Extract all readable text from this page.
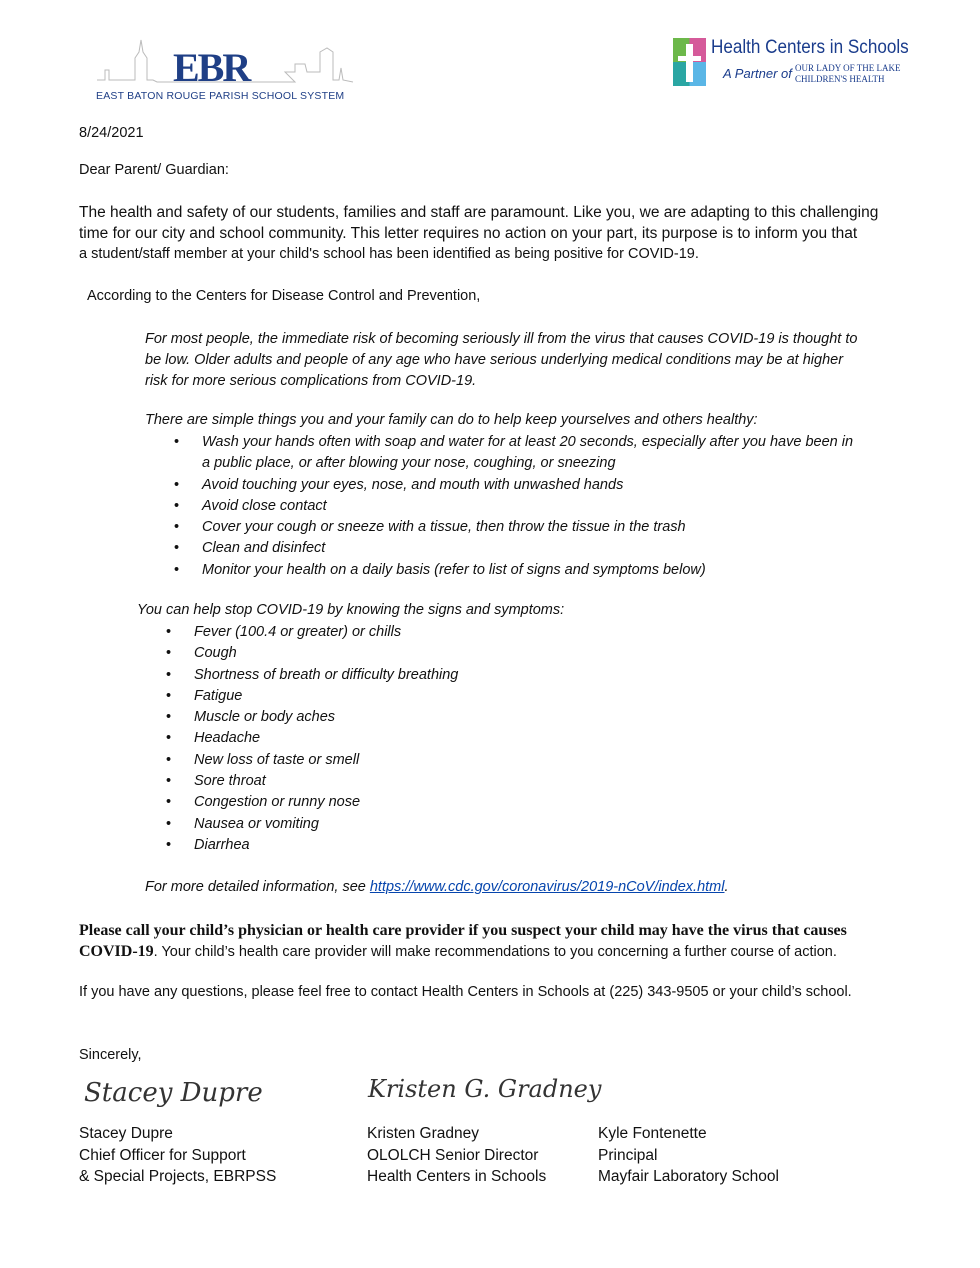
EBR
EAST BATON ROUGE PARISH SCHOOL SYSTEM
Health Centers in Schools
A Partner of OUR LADY OF THE LAKE
CHILDREN'S HEALTH
8/24/2021
Dear Parent/ Guardian:
The health and safety of our students, families and staff are paramount. Like you, we are adapting to this challenging
time for our city and school community. This letter requires no action on your part, its purpose is to inform you that
a student/staff member at your child's school has been identified as being positive for COVID-19.
According to the Centers for Disease Control and Prevention,
For most people, the immediate risk of becoming seriously ill from the virus that causes COVID-19 is thought to
be low. Older adults and people of any age who have serious underlying medical conditions may be at higher
risk for more serious complications from COVID-19.
There are simple things you and your family can do to help keep yourselves and others healthy:
• Wash your hands often with soap and water for at least 20 seconds, especially after you have been in
a public place, or after blowing your nose, coughing, or sneezing
• Avoid touching your eyes, nose, and mouth with unwashed hands
• Avoid close contact
• Cover your cough or sneeze with a tissue, then throw the tissue in the trash
• Clean and disinfect
• Monitor your health on a daily basis (refer to list of signs and symptoms below)
You can help stop COVID-19 by knowing the signs and symptoms:
• Fever (100.4 or greater) or chills
• Cough
• Shortness of breath or difficulty breathing
• Fatigue
• Muscle or body aches
• Headache
• New loss of taste or smell
• Sore throat
• Congestion or runny nose
• Nausea or vomiting
• Diarrhea
For more detailed information, see https://www.cdc.gov/coronavirus/2019-nCoV/index.html.
Please call your child’s physician or health care provider if you suspect your child may have the virus that causes
COVID-19. Your child’s health care provider will make recommendations to you concerning a further course of action.
If you have any questions, please feel free to contact Health Centers in Schools at (225) 343-9505 or your child’s school.
Sincerely,
Stacey Dupre	Kristen G. Gradney
Stacey Dupre
Chief Officer for Support
& Special Projects, EBRPSS
Kristen Gradney
OLOLCH Senior Director
Health Centers in Schools
Kyle Fontenette
Principal
Mayfair Laboratory School
